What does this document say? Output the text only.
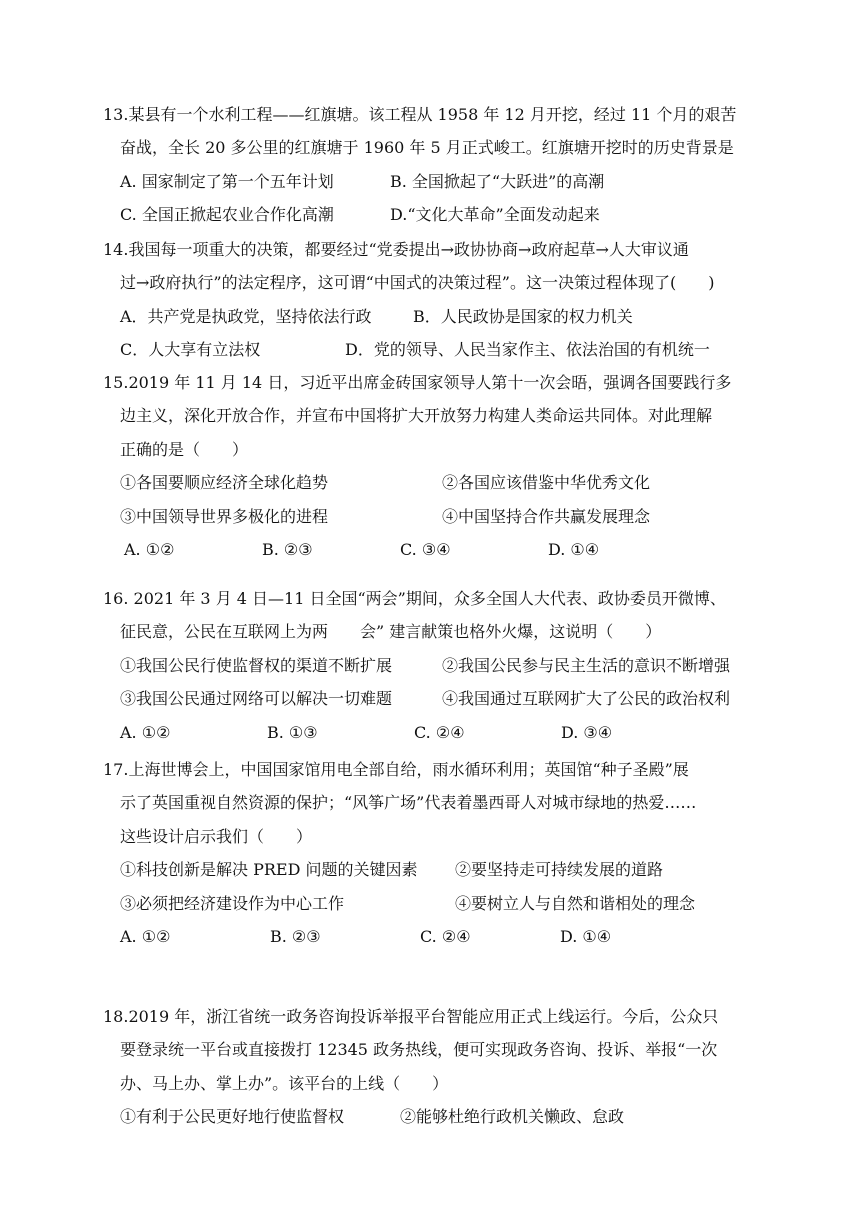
13.某县有一个水利工程——红旗塘。该工程从 1958 年 12 月开挖，经过 11 个月的艰苦
奋战，全长 20 多公里的红旗塘于 1960 年 5 月正式峻工。红旗塘开挖时的历史背景是
A. 国家制定了第一个五年计划	B. 全国掀起了“大跃进”的高潮
C. 全国正掀起农业合作化高潮	D.“文化大革命”全面发动起来
14.我国每一项重大的决策，都要经过“党委提出→政协协商→政府起草→人大审议通
过→政府执行”的法定程序，这可谓“中国式的决策过程”。这一决策过程体现了(　　)
A．共产党是执政党，坚持依法行政	B．人民政协是国家的权力机关
C．人大享有立法权	D．党的领导、人民当家作主、依法治国的有机统一
15.2019 年 11 月 14 日，习近平出席金砖国家领导人第十一次会晤，强调各国要践行多
边主义，深化开放合作，并宣布中国将扩大开放努力构建人类命运共同体。对此理解
正确的是（　　）
①各国要顺应经济全球化趋势	②各国应该借鉴中华优秀文化
③中国领导世界多极化的进程	④中国坚持合作共赢发展理念
A. ①②	B. ②③	C. ③④	D. ①④
16. 2021 年 3 月 4 日—11 日全国“两会”期间，众多全国人大代表、政协委员开微博、
征民意，公民在互联网上为两　　会” 建言献策也格外火爆，这说明（　　）
①我国公民行使监督权的渠道不断扩展	②我国公民参与民主生活的意识不断增强
③我国公民通过网络可以解决一切难题	④我国通过互联网扩大了公民的政治权利
A. ①②	B. ①③	C. ②④	D. ③④
17.上海世博会上，中国国家馆用电全部自给，雨水循环利用；英国馆“种子圣殿”展
示了英国重视自然资源的保护；“风筝广场”代表着墨西哥人对城市绿地的热爱……
这些设计启示我们（　　）
①科技创新是解决 PRED 问题的关键因素	②要坚持走可持续发展的道路
③必须把经济建设作为中心工作	④要树立人与自然和谐相处的理念
A. ①②	B. ②③	C. ②④	D. ①④
18.2019 年，浙江省统一政务咨询投诉举报平台智能应用正式上线运行。今后，公众只
要登录统一平台或直接拨打 12345 政务热线，便可实现政务咨询、投诉、举报“一次
办、马上办、掌上办”。该平台的上线（　　）
①有利于公民更好地行使监督权	②能够杜绝行政机关懒政、怠政
